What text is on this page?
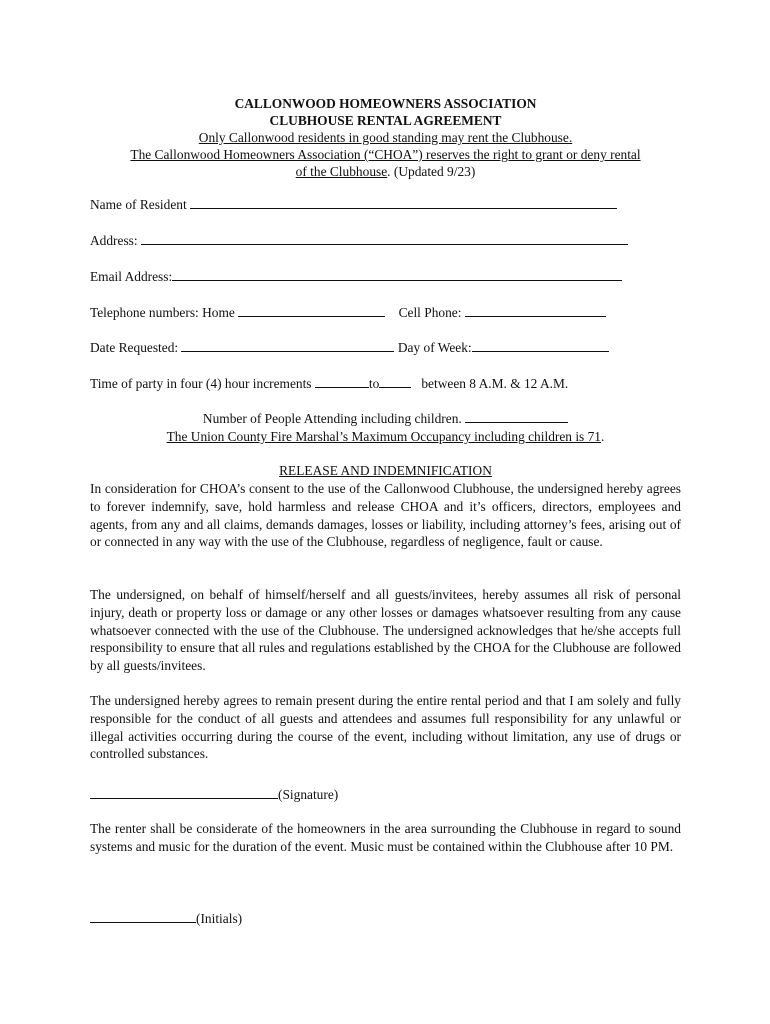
CALLONWOOD HOMEOWNERS ASSOCIATION
CLUBHOUSE RENTAL AGREEMENT
Only Callonwood residents in good standing may rent the Clubhouse.
The Callonwood Homeowners Association (“CHOA”) reserves the right to grant or deny rental
of the Clubhouse. (Updated 9/23)
Name of Resident
Address:
Email Address:
Telephone numbers: Home	Cell Phone:
Date Requested:	Day of Week:
Time of party in four (4) hour increments	to	between 8 A.M. & 12 A.M.
Number of People Attending including children.
The Union County Fire Marshal’s Maximum Occupancy including children is 71.
RELEASE AND INDEMNIFICATION
In consideration for CHOA’s consent to the use of the Callonwood Clubhouse, the undersigned hereby agrees to forever indemnify, save, hold harmless and release CHOA and it’s officers, directors, employees and agents, from any and all claims, demands damages, losses or liability, including attorney’s fees, arising out of or connected in any way with the use of the Clubhouse, regardless of negligence, fault or cause.
The undersigned, on behalf of himself/herself and all guests/invitees, hereby assumes all risk of personal injury, death or property loss or damage or any other losses or damages whatsoever resulting from any cause whatsoever connected with the use of the Clubhouse. The undersigned acknowledges that he/she accepts full responsibility to ensure that all rules and regulations established by the CHOA for the Clubhouse are followed by all guests/invitees.
The undersigned hereby agrees to remain present during the entire rental period and that I am solely and fully responsible for the conduct of all guests and attendees and assumes full responsibility for any unlawful or illegal activities occurring during the course of the event, including without limitation, any use of drugs or controlled substances.
(Signature)
The renter shall be considerate of the homeowners in the area surrounding the Clubhouse in regard to sound systems and music for the duration of the event. Music must be contained within the Clubhouse after 10 PM.
(Initials)
